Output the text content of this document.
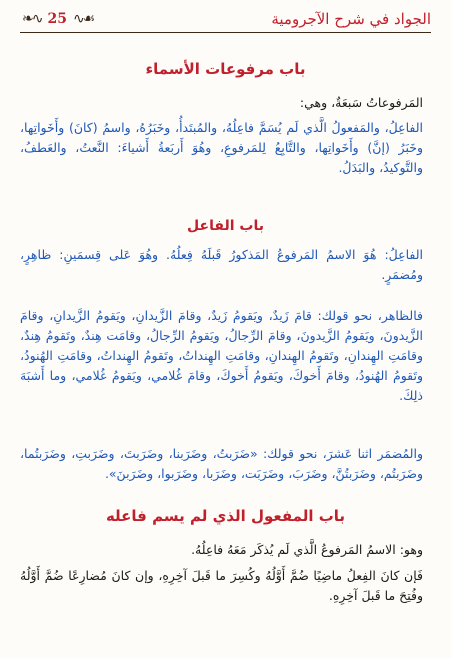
❧∿ 25 ∿☙	الجواد في شرح الآجرومية
باب مرفوعات الأسماء
المَرفوعاتُ سَبعَةٌ، وهي:
الفاعِلُ، والمَفعولُ الَّذي لَم يُسَمَّ فاعِلُهُ، والمُبتَدأُ، وخَبَرُهُ، واسمُ (كانَ) وأَخَواتِها، وخَبَرُ (إنَّ) وأَخَواتِها، والتَّابِعُ لِلمَرفوعِ، وهُوَ أَربَعةُ أَشياءَ: النَّعتُ، والعَطفُ، والتَّوكيدُ، والبَدَلُ.
باب الفاعل
الفاعِلُ: هُوَ الاسمُ المَرفوعُ المَذكورُ قَبلَهُ فِعلُهُ. وهُوَ عَلى قِسمَينِ: ظاهِرٍ، ومُضمَرٍ.
فالظاهر، نحو قولك: قامَ زَيدٌ، ويَقومُ زَيدٌ، وقامَ الزَّيدانِ، ويَقومُ الزَّيدانِ، وقامَ الزَّيدونَ، ويَقومُ الزَّيدونَ، وقامَ الرِّجالُ، ويَقومُ الرِّجالُ، وقامَت هِندٌ، وتَقومُ هِندٌ، وقامَتِ الهِندانِ، وتَقومُ الهِندانِ، وقامَتِ الهِنداتُ، وتَقومُ الهِنداتُ، وقامَتِ الهُنودُ، وتَقومُ الهُنودُ، وقامَ أَخوكَ، ويَقومُ أَخوكَ، وقامَ غُلامي، ويَقومُ غُلامي، وما أَشبَهَ ذلِكَ.
والمُضمَر اثنا عَشرَ، نحو قولك: «ضَرَبتُ، وضَرَبنا، وضَرَبتَ، وضَرَبتِ، وضَرَبتُما، وضَرَبتُم، وضَرَبتُنَّ، وضَرَبَ، وضَرَبَت، وضَرَبا، وضَرَبوا، وضَرَبنَ».
باب المفعول الذي لم يسم فاعله
وهو: الاسمُ المَرفوعُ الَّذي لَم يُذكَر مَعَهُ فاعِلُهُ.
فَإن كانَ الفِعلُ ماضِيًا ضُمَّ أَوَّلُهُ وكُسِرَ ما قَبلَ آخِرِهِ، وإن كانَ مُضارِعًا ضُمَّ أَوَّلُهُ وفُتِحَ ما قَبلَ آخِرِهِ.
